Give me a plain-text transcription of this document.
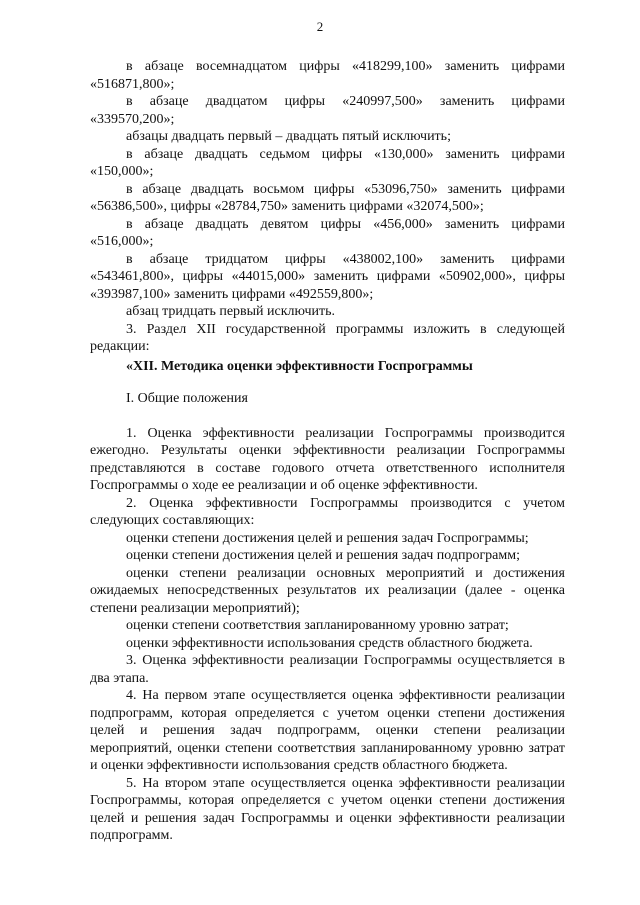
2

в абзаце восемнадцатом цифры «418299,100» заменить цифрами «516871,800»;

в абзаце двадцатом цифры «240997,500» заменить цифрами «339570,200»;

абзацы двадцать первый – двадцать пятый исключить;

в абзаце двадцать седьмом цифры «130,000» заменить цифрами «150,000»;

в абзаце двадцать восьмом цифры «53096,750» заменить цифрами «56386,500», цифры «28784,750» заменить цифрами «32074,500»;

в абзаце двадцать девятом цифры «456,000» заменить цифрами «516,000»;

в абзаце тридцатом цифры «438002,100» заменить цифрами «543461,800», цифры «44015,000» заменить цифрами «50902,000», цифры «393987,100» заменить цифрами «492559,800»;

абзац тридцать первый исключить.

3. Раздел XII государственной программы изложить в следующей редакции:

«XII. Методика оценки эффективности Госпрограммы

I. Общие положения

1. Оценка эффективности реализации Госпрограммы производится ежегодно. Результаты оценки эффективности реализации Госпрограммы представляются в составе годового отчета ответственного исполнителя Госпрограммы о ходе ее реализации и об оценке эффективности.

2. Оценка эффективности Госпрограммы производится с учетом следующих составляющих:

оценки степени достижения целей и решения задач Госпрограммы;

оценки степени достижения целей и решения задач подпрограмм;

оценки степени реализации основных мероприятий и достижения ожидаемых непосредственных результатов их реализации (далее - оценка степени реализации мероприятий);

оценки степени соответствия запланированному уровню затрат;

оценки эффективности использования средств областного бюджета.

3. Оценка эффективности реализации Госпрограммы осуществляется в два этапа.

4. На первом этапе осуществляется оценка эффективности реализации подпрограмм, которая определяется с учетом оценки степени достижения целей и решения задач подпрограмм, оценки степени реализации мероприятий, оценки степени соответствия запланированному уровню затрат и оценки эффективности использования средств областного бюджета.

5. На втором этапе осуществляется оценка эффективности реализации Госпрограммы, которая определяется с учетом оценки степени достижения целей и решения задач Госпрограммы и оценки эффективности реализации подпрограмм.
